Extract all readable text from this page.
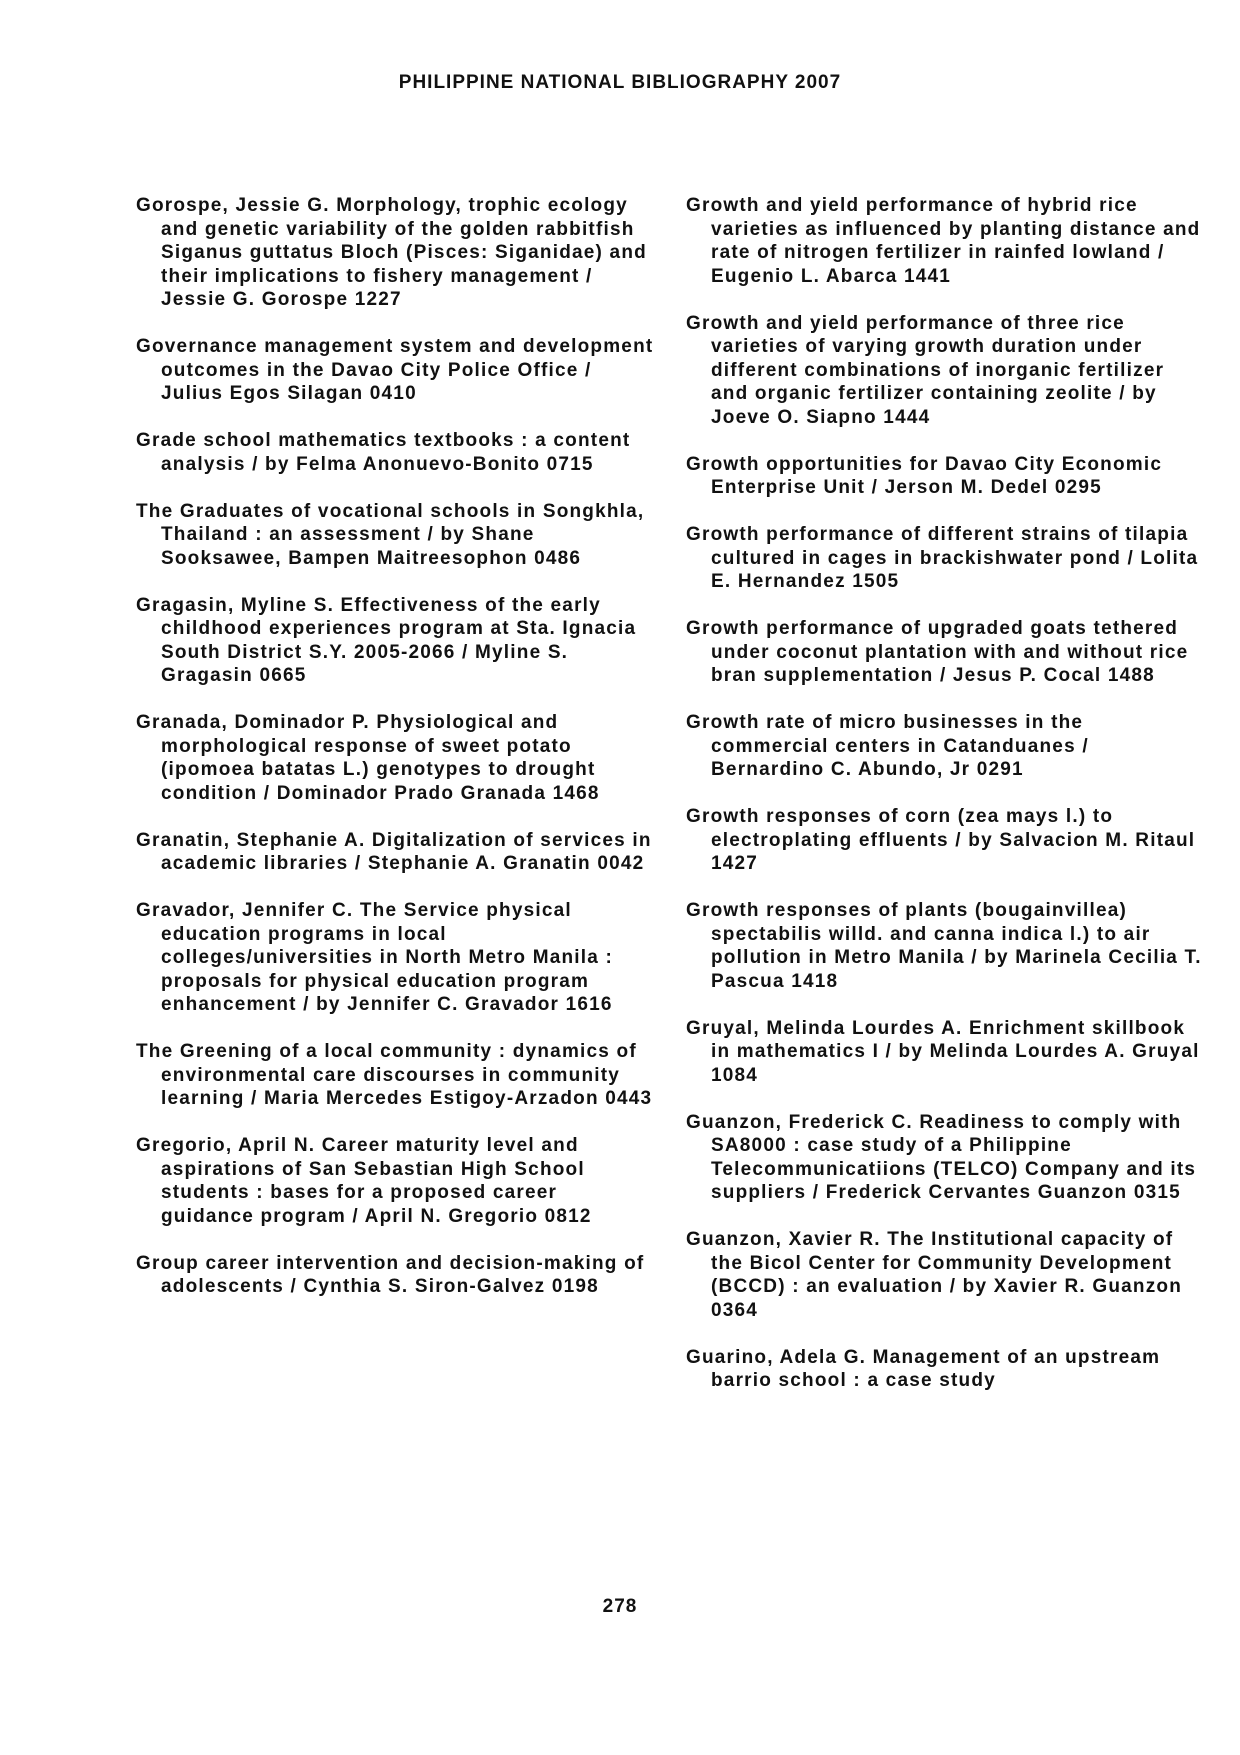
PHILIPPINE NATIONAL BIBLIOGRAPHY 2007

Gorospe, Jessie G. Morphology, trophic ecology and genetic variability of the golden rabbitfish Siganus guttatus Bloch (Pisces: Siganidae) and their implications to fishery management / Jessie G. Gorospe 1227

Governance management system and development outcomes in the Davao City Police Office / Julius Egos Silagan 0410

Grade school mathematics textbooks : a content analysis / by Felma Anonuevo-Bonito 0715

The Graduates of vocational schools in Songkhla, Thailand : an assessment / by Shane Sooksawee, Bampen Maitreesophon 0486

Gragasin, Myline S. Effectiveness of the early childhood experiences program at Sta. Ignacia South District S.Y. 2005-2066 / Myline S. Gragasin 0665

Granada, Dominador P. Physiological and morphological response of sweet potato (ipomoea batatas L.) genotypes to drought condition / Dominador Prado Granada 1468

Granatin, Stephanie A. Digitalization of services in academic libraries / Stephanie A. Granatin 0042

Gravador, Jennifer C. The Service physical education programs in local colleges/universities in North Metro Manila : proposals for physical education program enhancement / by Jennifer C. Gravador 1616

The Greening of a local community : dynamics of environmental care discourses in community learning / Maria Mercedes Estigoy-Arzadon 0443

Gregorio, April N. Career maturity level and aspirations of San Sebastian High School students : bases for a proposed career guidance program / April N. Gregorio 0812

Group career intervention and decision-making of adolescents / Cynthia S. Siron-Galvez 0198

Growth and yield performance of hybrid rice varieties as influenced by planting distance and rate of nitrogen fertilizer in rainfed lowland / Eugenio L. Abarca 1441

Growth and yield performance of three rice varieties of varying growth duration under different combinations of inorganic fertilizer and organic fertilizer containing zeolite / by Joeve O. Siapno 1444

Growth opportunities for Davao City Economic Enterprise Unit / Jerson M. Dedel 0295

Growth performance of different strains of tilapia cultured in cages in brackishwater pond / Lolita E. Hernandez 1505

Growth performance of upgraded goats tethered under coconut plantation with and without rice bran supplementation / Jesus P. Cocal 1488

Growth rate of micro businesses in the commercial centers in Catanduanes / Bernardino C. Abundo, Jr 0291

Growth responses of corn (zea mays l.) to electroplating effluents / by Salvacion M. Ritaul 1427

Growth responses of plants (bougainvillea) spectabilis willd. and canna indica l.) to air pollution in Metro Manila / by Marinela Cecilia T. Pascua 1418

Gruyal, Melinda Lourdes A. Enrichment skillbook in mathematics I / by Melinda Lourdes A. Gruyal 1084

Guanzon, Frederick C. Readiness to comply with SA8000 : case study of a Philippine Telecommunicatiions (TELCO) Company and its suppliers / Frederick Cervantes Guanzon 0315

Guanzon, Xavier R. The Institutional capacity of the Bicol Center for Community Development (BCCD) : an evaluation / by Xavier R. Guanzon 0364

Guarino, Adela G. Management of an upstream barrio school : a case study

278
